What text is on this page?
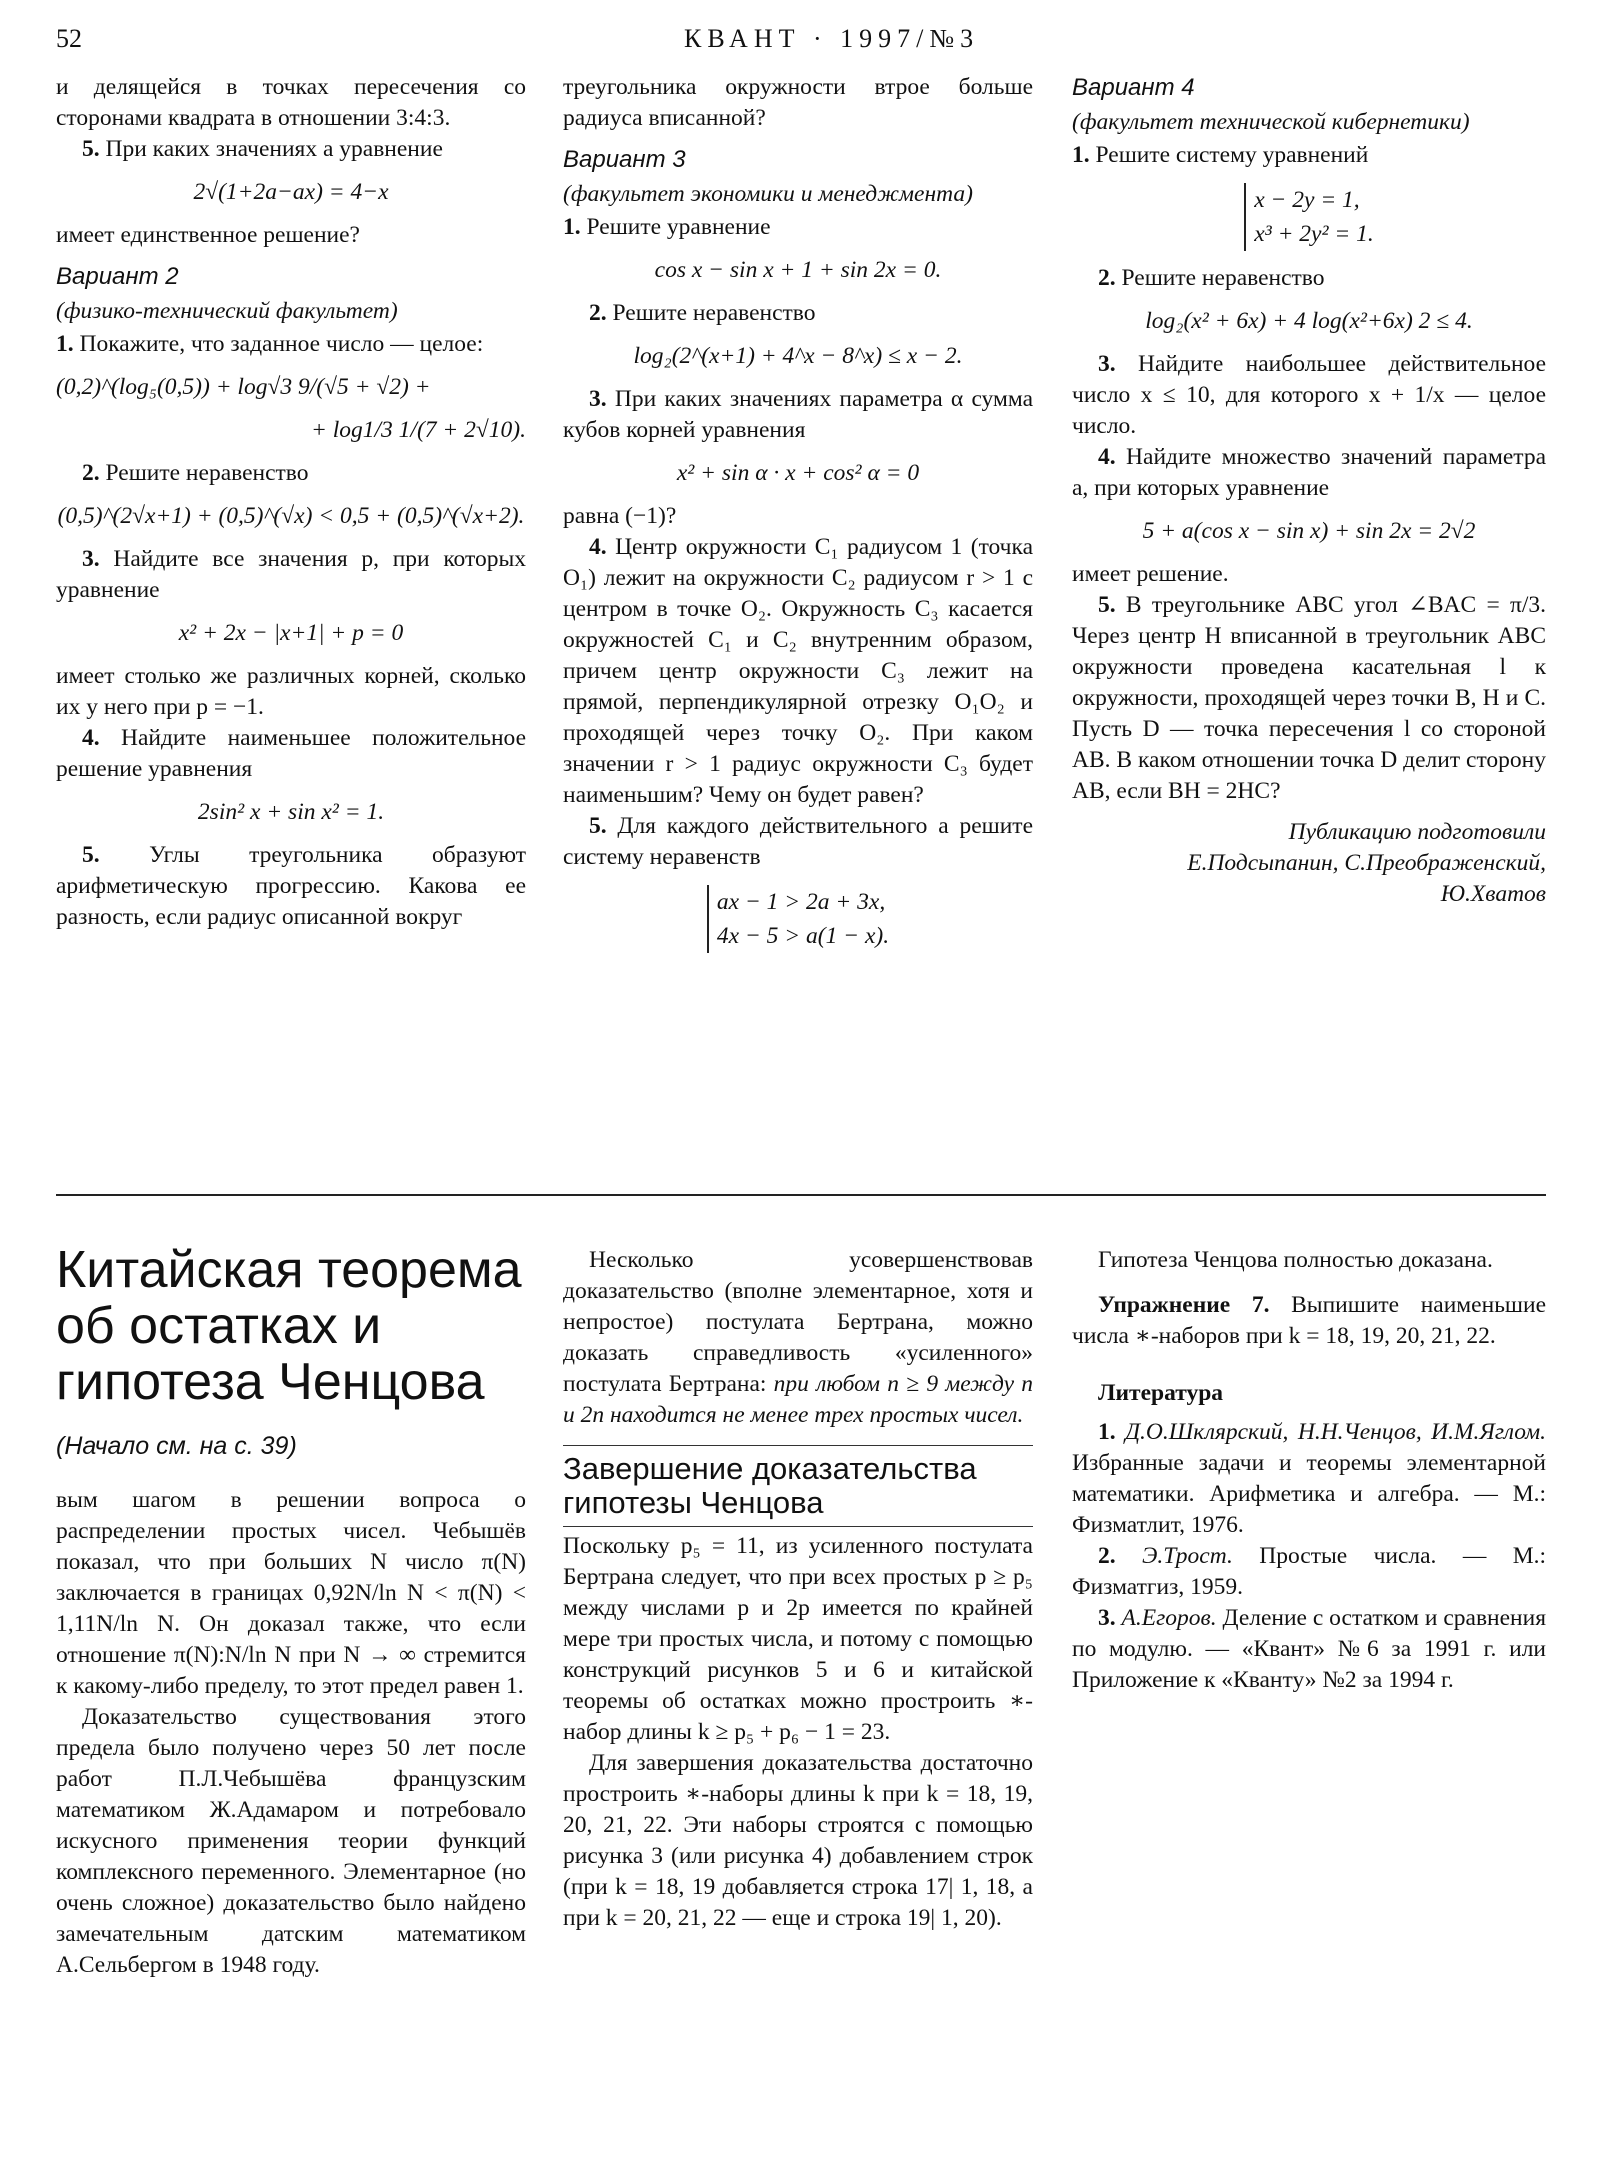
52	КВАНТ · 1997/№3

и делящейся в точках пересечения со сторонами квадрата в отношении 3:4:3.

5. При каких значениях a уравнение

2√(1+2a−ax) = 4−x

имеет единственное решение?

Вариант 2
(физико-технический факультет)

1. Покажите, что заданное число — целое:

(0,2)^(log₅(0,5)) + log√3 9/(√5 + √2) +
+ log1/3 1/(7 + 2√10).

2. Решите неравенство

(0,5)^(2√x+1) + (0,5)^(√x) < 0,5 + (0,5)^(√x+2).

3. Найдите все значения p, при которых уравнение

x² + 2x − |x+1| + p = 0

имеет столько же различных корней, сколько их у него при p = −1.

4. Найдите наименьшее положительное решение уравнения

2sin² x + sin x² = 1.

5. Углы треугольника образуют арифметическую прогрессию. Какова ее разность, если радиус описанной вокруг

треугольника окружности втрое больше радиуса вписанной?

Вариант 3
(факультет экономики и менеджмента)

1. Решите уравнение

cos x − sin x + 1 + sin 2x = 0.

2. Решите неравенство

log₂(2^(x+1) + 4^x − 8^x) ≤ x − 2.

3. При каких значениях параметра α сумма кубов корней уравнения

x² + sin α · x + cos² α = 0

равна (−1)?

4. Центр окружности C₁ радиусом 1 (точка O₁) лежит на окружности C₂ радиусом r > 1 с центром в точке O₂. Окружность C₃ касается окружностей C₁ и C₂ внутренним образом, причем центр окружности C₃ лежит на прямой, перпендикулярной отрезку O₁O₂ и проходящей через точку O₂. При каком значении r > 1 радиус окружности C₃ будет наименьшим? Чему он будет равен?

5. Для каждого действительного a решите систему неравенств

ax − 1 > 2a + 3x,
4x − 5 > a(1 − x).
Вариант 4
(факультет технической кибернетики)

1. Решите систему уравнений

x − 2y = 1,
x³ + 2y² = 1.

2. Решите неравенство

log₂(x² + 6x) + 4 log(x²+6x) 2 ≤ 4.

3. Найдите наибольшее действительное число x ≤ 10, для которого x + 1/x — целое число.

4. Найдите множество значений параметра a, при которых уравнение

5 + a(cos x − sin x) + sin 2x = 2√2

имеет решение.

5. В треугольнике ABC угол ∠BAC = π/3. Через центр H вписанной в треугольник ABC окружности проведена касательная l к окружности, проходящей через точки B, H и C. Пусть D — точка пересечения l со стороной AB. В каком отношении точка D делит сторону AB, если BH = 2HC?

Публикацию подготовили
Е.Подсыпанин, С.Преображенский,
Ю.Хватов
Китайская теорема об остатках и гипотеза Ченцова
(Начало см. на с. 39)

вым шагом в решении вопроса о распределении простых чисел. Чебышёв показал, что при больших N число π(N) заключается в границах 0,92N/ln N < π(N) < 1,11N/ln N. Он доказал также, что если отношение π(N):N/ln N при N → ∞ стремится к какому-либо пределу, то этот предел равен 1.

Доказательство существования этого предела было получено через 50 лет после работ П.Л.Чебышёва французским математиком Ж.Адамаром и потребовало искусного применения теории функций комплексного переменного. Элементарное (но очень сложное) доказательство было найдено замечательным датским математиком А.Сельбергом в 1948 году.

Несколько усовершенствовав доказательство (вполне элементарное, хотя и непростое) постулата Бертрана, можно доказать справедливость «усиленного» постулата Бертрана: при любом n ≥ 9 между n и 2n находится не менее трех простых чисел.

Завершение доказательства гипотезы Ченцова

Поскольку p₅ = 11, из усиленного постулата Бертрана следует, что при всех простых p ≥ p₅ между числами p и 2p имеется по крайней мере три простых числа, и потому с помощью конструкций рисунков 5 и 6 и китайской теоремы об остатках можно простроить ∗-набор длины k ≥ p₅ + p₆ − 1 = 23.

Для завершения доказательства достаточно простроить ∗-наборы длины k при k = 18, 19, 20, 21, 22. Эти наборы строятся с помощью рисунка 3 (или рисунка 4) добавлением строк (при k = 18, 19 добавляется строка 17| 1, 18, а при k = 20, 21, 22 — еще и строка 19| 1, 20).

Гипотеза Ченцова полностью доказана.

Упражнение 7. Выпишите наименьшие числа ∗-наборов при k = 18, 19, 20, 21, 22.

Литература

1. Д.О.Шклярский, Н.Н.Ченцов, И.М.Яглом. Избранные задачи и теоремы элементарной математики. Арифметика и алгебра. — М.: Физматлит, 1976.

2. Э.Трост. Простые числа. — М.: Физматгиз, 1959.

3. А.Егоров. Деление с остатком и сравнения по модулю. — «Квант» №6 за 1991 г. или Приложение к «Кванту» №2 за 1994 г.
